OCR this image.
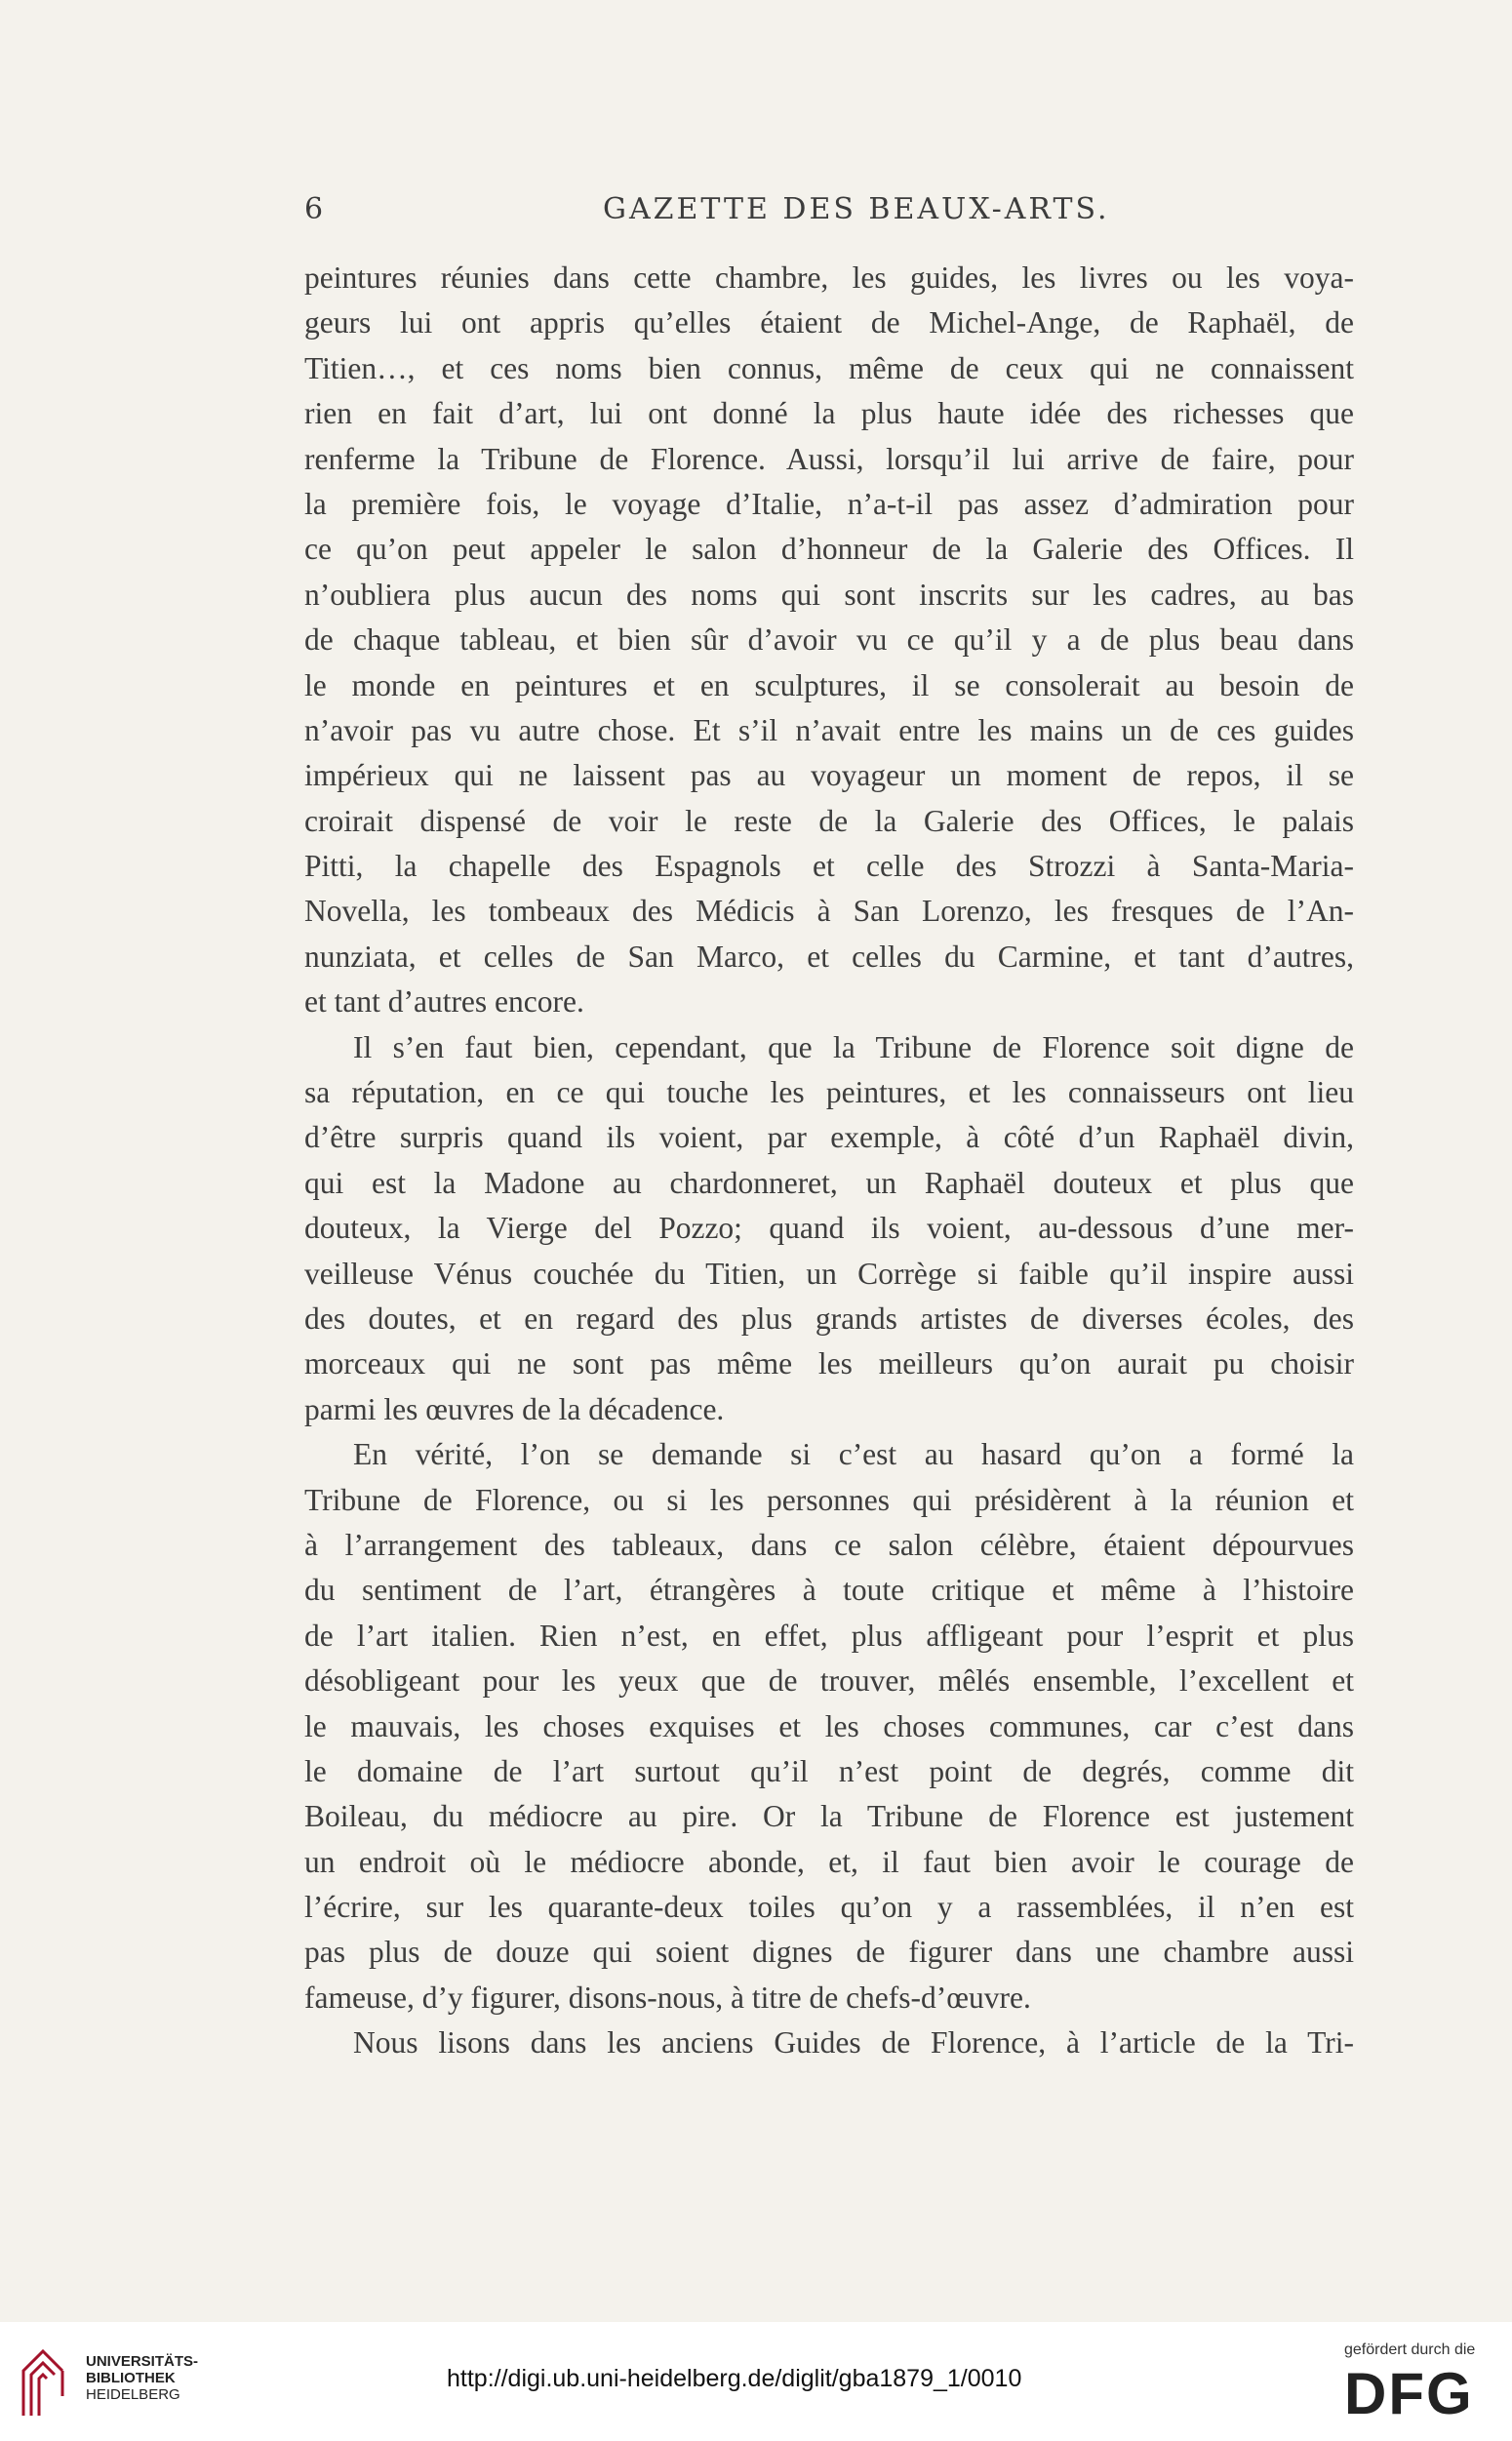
6	GAZETTE DES BEAUX-ARTS.
peintures réunies dans cette chambre, les guides, les livres ou les voya-
geurs lui ont appris qu’elles étaient de Michel-Ange, de Raphaël, de
Titien…, et ces noms bien connus, même de ceux qui ne connaissent
rien en fait d’art, lui ont donné la plus haute idée des richesses que
renferme la Tribune de Florence. Aussi, lorsqu’il lui arrive de faire, pour
la première fois, le voyage d’Italie, n’a-t-il pas assez d’admiration pour
ce qu’on peut appeler le salon d’honneur de la Galerie des Offices. Il
n’oubliera plus aucun des noms qui sont inscrits sur les cadres, au bas
de chaque tableau, et bien sûr d’avoir vu ce qu’il y a de plus beau dans
le monde en peintures et en sculptures, il se consolerait au besoin de
n’avoir pas vu autre chose. Et s’il n’avait entre les mains un de ces guides
impérieux qui ne laissent pas au voyageur un moment de repos, il se
croirait dispensé de voir le reste de la Galerie des Offices, le palais
Pitti, la chapelle des Espagnols et celle des Strozzi à Santa-Maria-
Novella, les tombeaux des Médicis à San Lorenzo, les fresques de l’An-
nunziata, et celles de San Marco, et celles du Carmine, et tant d’autres,
et tant d’autres encore.
Il s’en faut bien, cependant, que la Tribune de Florence soit digne de
sa réputation, en ce qui touche les peintures, et les connaisseurs ont lieu
d’être surpris quand ils voient, par exemple, à côté d’un Raphaël divin,
qui est la Madone au chardonneret, un Raphaël douteux et plus que
douteux, la Vierge del Pozzo; quand ils voient, au-dessous d’une mer-
veilleuse Vénus couchée du Titien, un Corrège si faible qu’il inspire aussi
des doutes, et en regard des plus grands artistes de diverses écoles, des
morceaux qui ne sont pas même les meilleurs qu’on aurait pu choisir
parmi les œuvres de la décadence.
En vérité, l’on se demande si c’est au hasard qu’on a formé la
Tribune de Florence, ou si les personnes qui présidèrent à la réunion et
à l’arrangement des tableaux, dans ce salon célèbre, étaient dépourvues
du sentiment de l’art, étrangères à toute critique et même à l’histoire
de l’art italien. Rien n’est, en effet, plus affligeant pour l’esprit et plus
désobligeant pour les yeux que de trouver, mêlés ensemble, l’excellent et
le mauvais, les choses exquises et les choses communes, car c’est dans
le domaine de l’art surtout qu’il n’est point de degrés, comme dit
Boileau, du médiocre au pire. Or la Tribune de Florence est justement
un endroit où le médiocre abonde, et, il faut bien avoir le courage de
l’écrire, sur les quarante-deux toiles qu’on y a rassemblées, il n’en est
pas plus de douze qui soient dignes de figurer dans une chambre aussi
fameuse, d’y figurer, disons-nous, à titre de chefs-d’œuvre.
Nous lisons dans les anciens Guides de Florence, à l’article de la Tri-
UNIVERSITÄTS-
BIBLIOTHEK
HEIDELBERG
http://digi.ub.uni-heidelberg.de/diglit/gba1879_1/0010
gefördert durch die
DFG
